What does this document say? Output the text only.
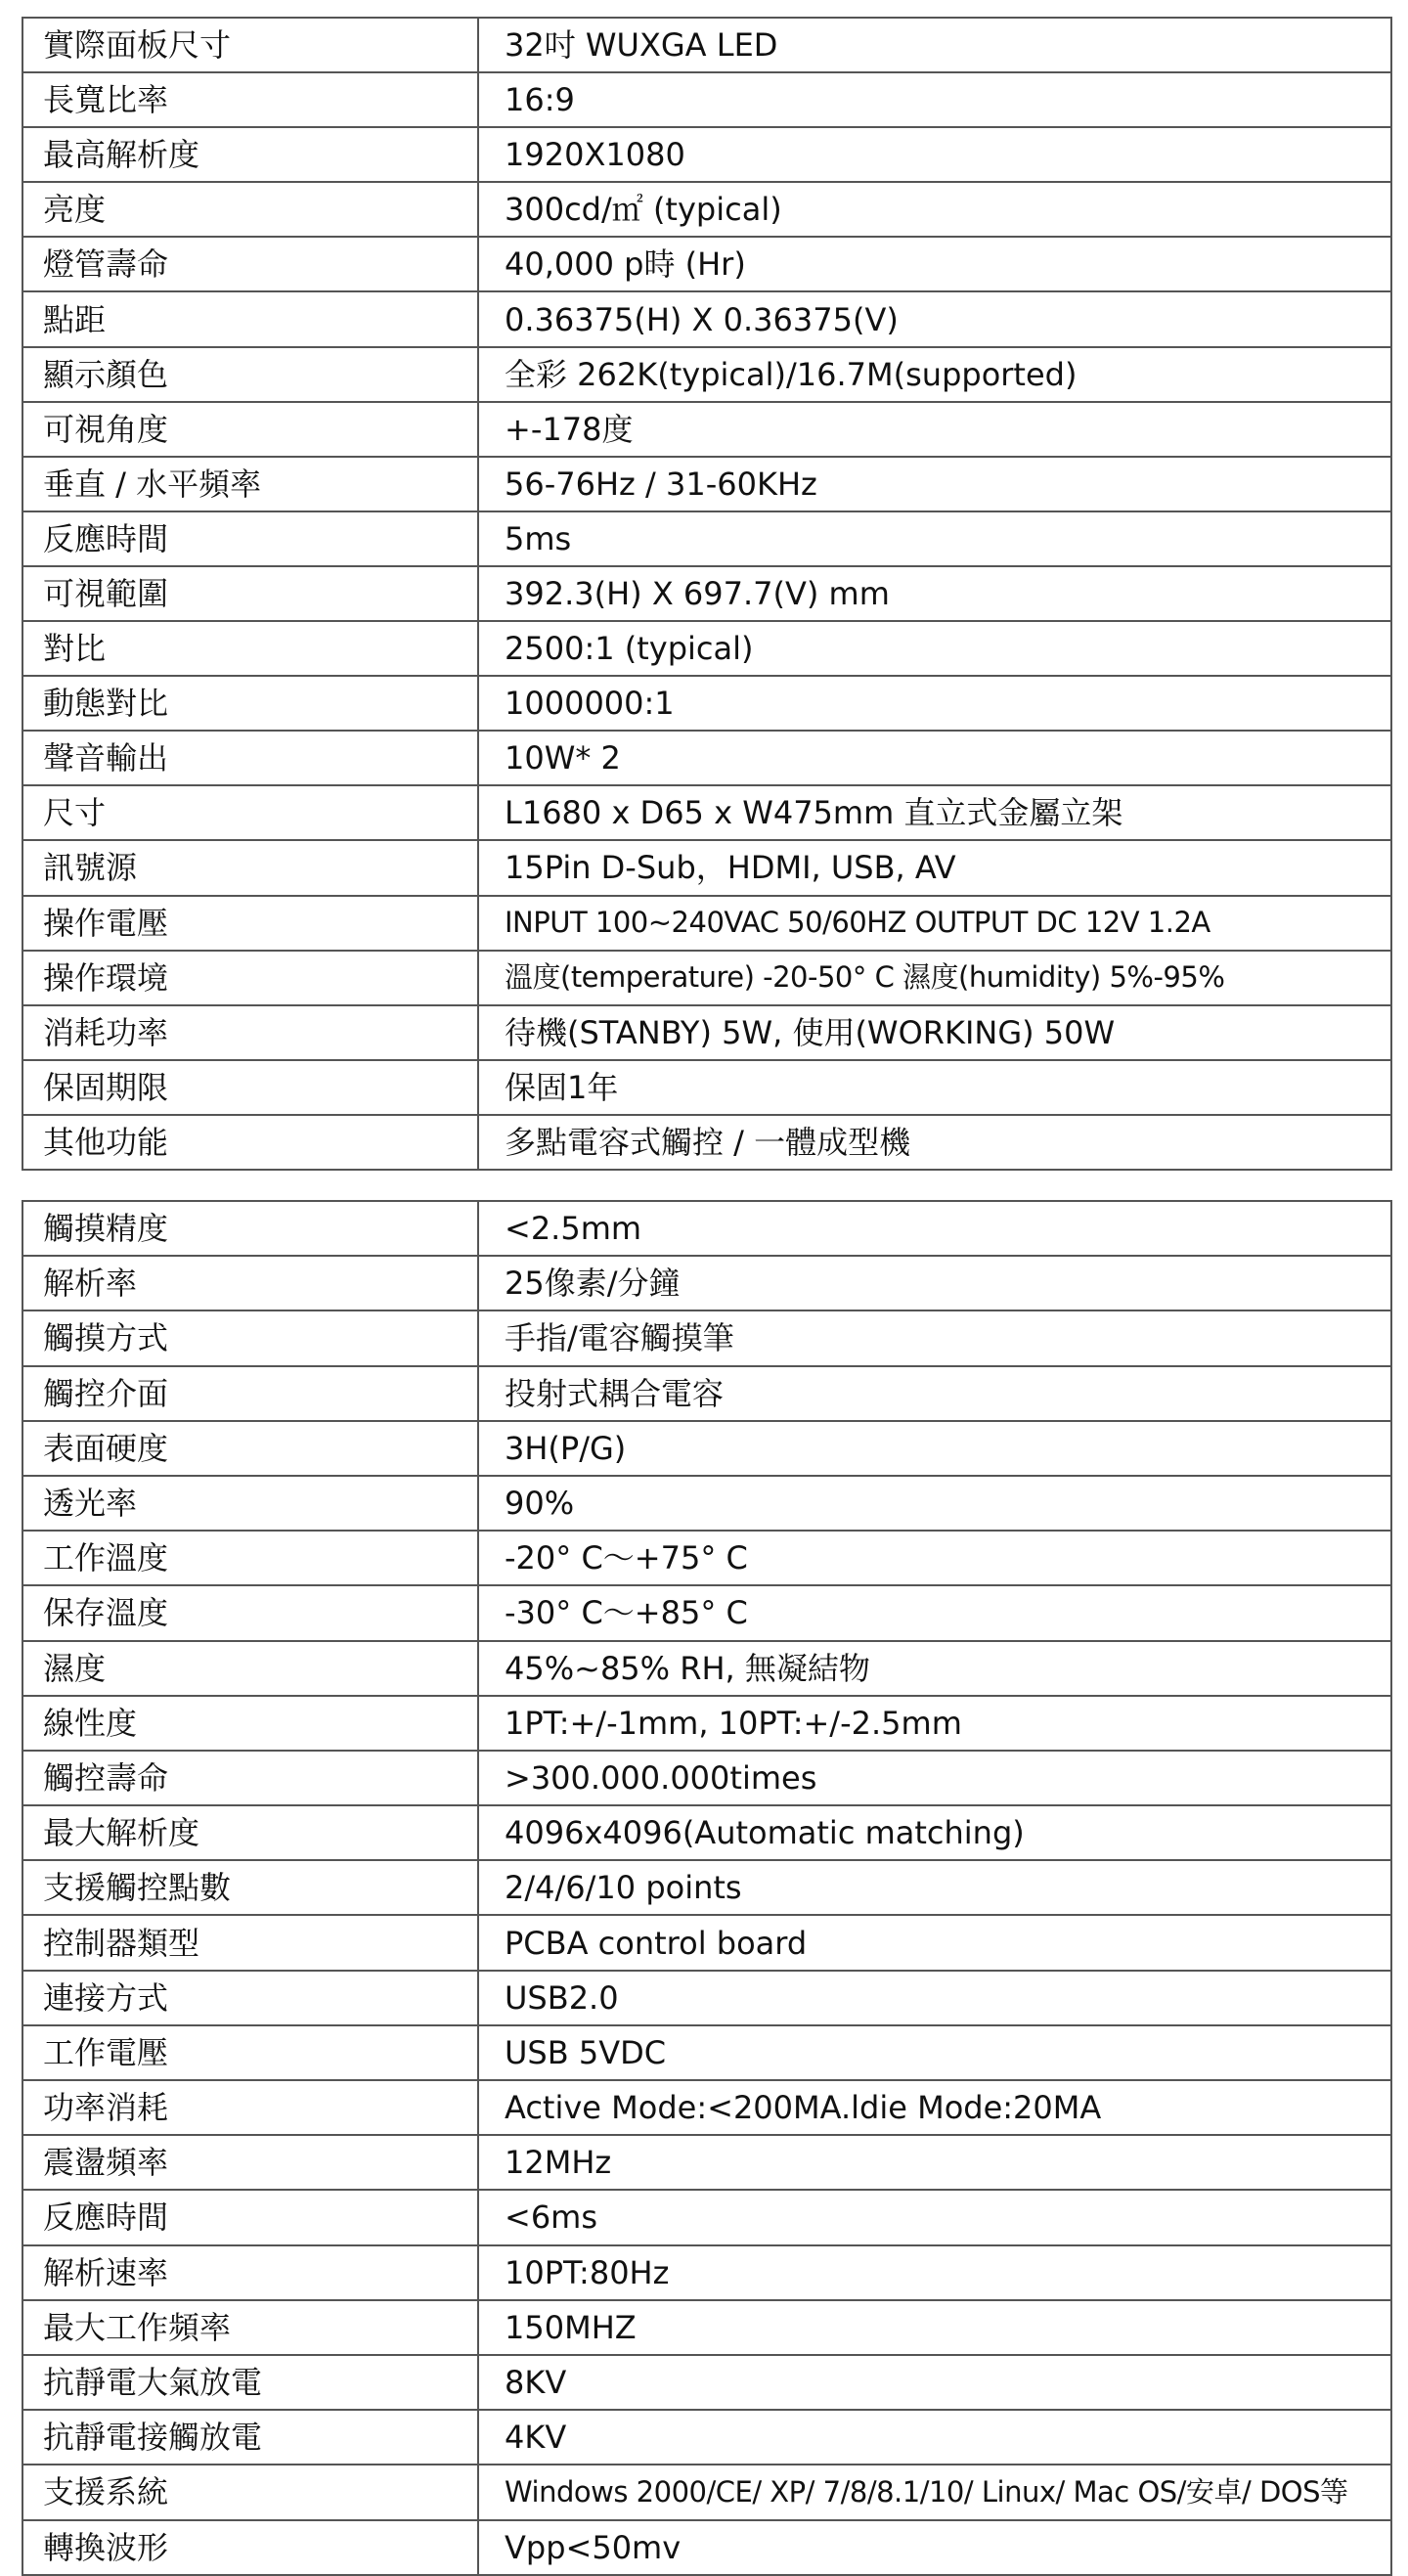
實際面板尺寸	32吋 WUXGA LED
長寬比率	16:9
最高解析度	1920X1080
亮度	300cd/㎡ (typical)
燈管壽命	40,000 p時 (Hr)
點距	0.36375(H) X 0.36375(V)
顯示顏色	全彩 262K(typical)/16.7M(supported)
可視角度	+-178度
垂直 / 水平頻率	56-76Hz / 31-60KHz
反應時間	5ms
可視範圍	392.3(H) X 697.7(V) mm
對比	2500:1 (typical)
動態對比	1000000:1
聲音輸出	10W* 2
尺寸	L1680 x D65 x W475mm 直立式金屬立架
訊號源	15Pin D-Sub，HDMI, USB, AV
操作電壓	INPUT 100~240VAC 50/60HZ OUTPUT DC 12V 1.2A
操作環境	溫度(temperature) -20-50° C 濕度(humidity) 5%-95%
消耗功率	待機(STANBY) 5W, 使用(WORKING) 50W
保固期限	保固1年
其他功能	多點電容式觸控 / 一體成型機
觸摸精度	<2.5mm
解析率	25像素/分鐘
觸摸方式	手指/電容觸摸筆
觸控介面	投射式耦合電容
表面硬度	3H(P/G)
透光率	90%
工作溫度	-20° C～+75° C
保存溫度	-30° C～+85° C
濕度	45%~85% RH, 無凝結物
線性度	1PT:+/-1mm, 10PT:+/-2.5mm
觸控壽命	>300.000.000times
最大解析度	4096x4096(Automatic matching)
支援觸控點數	2/4/6/10 points
控制器類型	PCBA control board
連接方式	USB2.0
工作電壓	USB 5VDC
功率消耗	Active Mode:<200MA.ldie Mode:20MA
震盪頻率	12MHz
反應時間	<6ms
解析速率	10PT:80Hz
最大工作頻率	150MHZ
抗靜電大氣放電	8KV
抗靜電接觸放電	4KV
支援系統	Windows 2000/CE/ XP/ 7/8/8.1/10/ Linux/ Mac OS/安卓/ DOS等
轉換波形	Vpp<50mv
